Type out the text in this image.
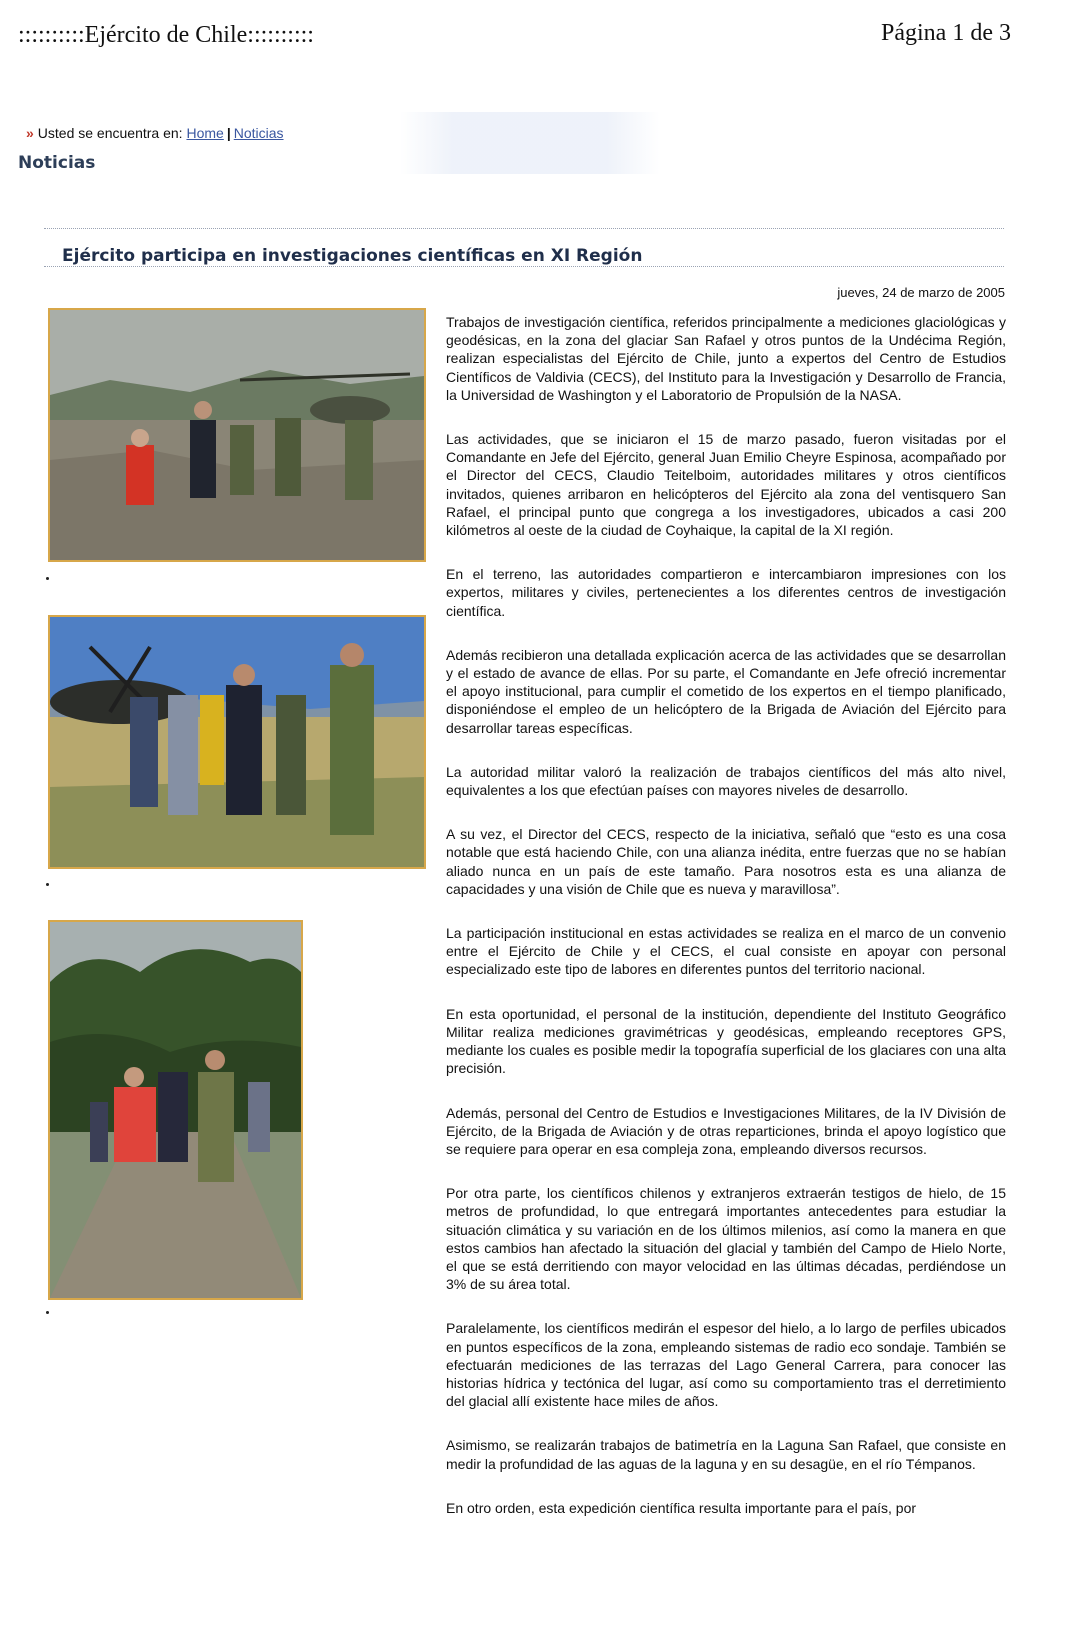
::::::::::Ejército de Chile::::::::::	Página 1 de 3
» Usted se encuentra en: Home | Noticias
Noticias
Ejército participa en investigaciones científicas en XI Región
jueves, 24 de marzo de 2005

Trabajos de investigación científica, referidos principalmente a mediciones glaciológicas y geodésicas, en la zona del glaciar San Rafael y otros puntos de la Undécima Región, realizan especialistas del Ejército de Chile, junto a expertos del Centro de Estudios Científicos de Valdivia (CECS), del Instituto para la Investigación y Desarrollo de Francia, la Universidad de Washington y el Laboratorio de Propulsión de la NASA.

Las actividades, que se iniciaron el 15 de marzo pasado, fueron visitadas por el Comandante en Jefe del Ejército, general Juan Emilio Cheyre Espinosa, acompañado por el Director del CECS, Claudio Teitelboim, autoridades militares y otros científicos invitados, quienes arribaron en helicópteros del Ejército ala zona del ventisquero San Rafael, el principal punto que congrega a los investigadores, ubicados a casi 200 kilómetros al oeste de la ciudad de Coyhaique, la capital de la XI región.

En el terreno, las autoridades compartieron e intercambiaron impresiones con los expertos, militares y civiles, pertenecientes a los diferentes centros de investigación científica.

Además recibieron una detallada explicación acerca de las actividades que se desarrollan y el estado de avance de ellas. Por su parte, el Comandante en Jefe ofreció incrementar el apoyo institucional, para cumplir el cometido de los expertos en el tiempo planificado, disponiéndose el empleo de un helicóptero de la Brigada de Aviación del Ejército para desarrollar tareas específicas.

La autoridad militar valoró la realización de trabajos científicos del más alto nivel, equivalentes a los que efectúan países con mayores niveles de desarrollo.

A su vez, el Director del CECS, respecto de la iniciativa, señaló que “esto es una cosa notable que está haciendo Chile, con una alianza inédita, entre fuerzas que no se habían aliado nunca en un país de este tamaño. Para nosotros esta es una alianza de capacidades y una visión de Chile que es nueva y maravillosa”.

La participación institucional en estas actividades se realiza en el marco de un convenio entre el Ejército de Chile y el CECS, el cual consiste en apoyar con personal especializado este tipo de labores en diferentes puntos del territorio nacional.

En esta oportunidad, el personal de la institución, dependiente del Instituto Geográfico Militar realiza mediciones gravimétricas y geodésicas, empleando receptores GPS, mediante los cuales es posible medir la topografía superficial de los glaciares con una alta precisión.

Además, personal del Centro de Estudios e Investigaciones Militares, de la IV División de Ejército, de la Brigada de Aviación y de otras reparticiones, brinda el apoyo logístico que se requiere para operar en esa compleja zona, empleando diversos recursos.

Por otra parte, los científicos chilenos y extranjeros extraerán testigos de hielo, de 15 metros de profundidad, lo que entregará importantes antecedentes para estudiar la situación climática y su variación en de los últimos milenios, así como la manera en que estos cambios han afectado la situación del glacial y también del Campo de Hielo Norte, el que se está derritiendo con mayor velocidad en las últimas décadas, perdiéndose un 3% de su área total.

Paralelamente, los científicos medirán el espesor del hielo, a lo largo de perfiles ubicados en puntos específicos de la zona, empleando sistemas de radio eco sondaje. También se efectuarán mediciones de las terrazas del Lago General Carrera, para conocer las historias hídrica y tectónica del lugar, así como su comportamiento tras el derretimiento del glacial allí existente hace miles de años.

Asimismo, se realizarán trabajos de batimetría en la Laguna San Rafael, que consiste en medir la profundidad de las aguas de la laguna y en su desagüe, en el río Témpanos.

En otro orden, esta expedición científica resulta importante para el país, por
